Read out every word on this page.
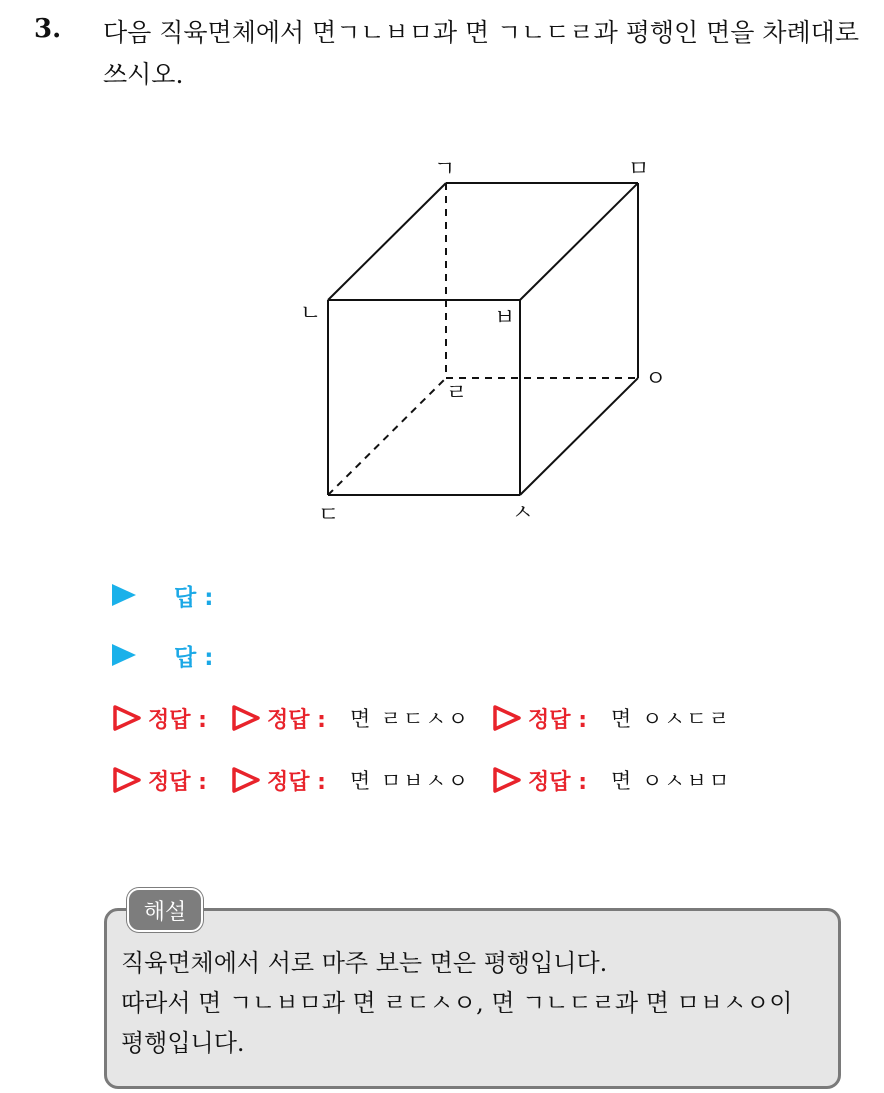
3. 다음 직육면체에서 면ㄱㄴㅂㅁ과 면 ㄱㄴㄷㄹ과 평행인 면을 차례대로 쓰시오.
ㄱ	ㅁ
ㄴ	ㅂ
ㄹ
ㅇ
ㄷ	ㅅ
답 :
답 :
정답 :	정답 : 면 ㄹㄷㅅㅇ	정답 : 면 ㅇㅅㄷㄹ
정답 :	정답 : 면 ㅁㅂㅅㅇ	정답 : 면 ㅇㅅㅂㅁ
해설
직육면체에서 서로 마주 보는 면은 평행입니다.
따라서 면 ㄱㄴㅂㅁ과 면 ㄹㄷㅅㅇ, 면 ㄱㄴㄷㄹ과 면 ㅁㅂㅅㅇ이
평행입니다.
